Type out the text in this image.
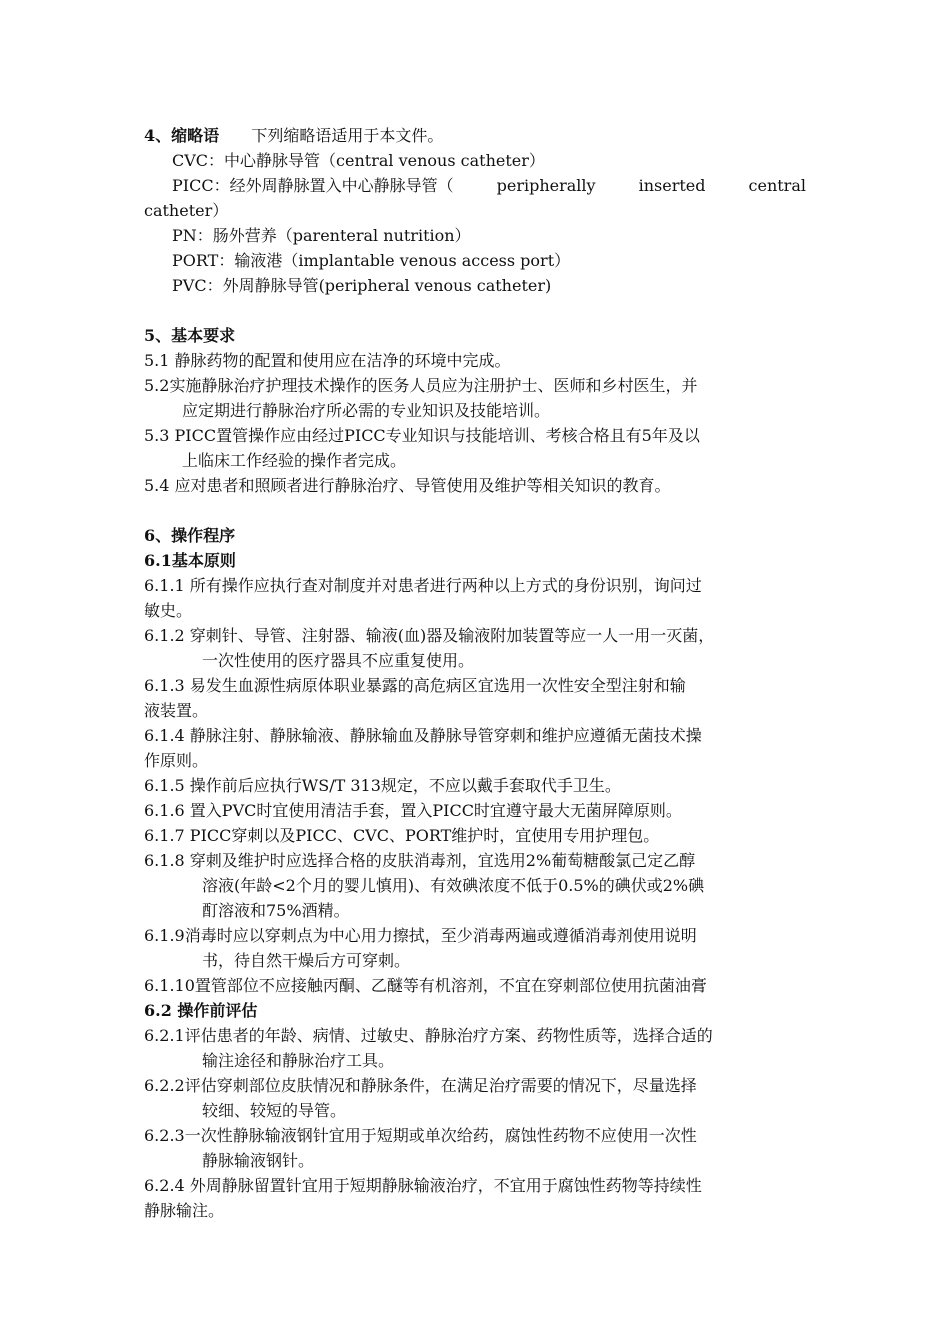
4、缩略语 下列缩略语适用于本文件。
CVC：中心静脉导管（central venous catheter）
PICC：经外周静脉置入中心静脉导管（	peripherally	inserted	central
catheter）
PN：肠外营养（parenteral nutrition）
PORT：输液港（implantable venous access port）
PVC：外周静脉导管(peripheral venous catheter)
5、基本要求
5.1 静脉药物的配置和使用应在洁净的环境中完成。
5.2实施静脉治疗护理技术操作的医务人员应为注册护士、医师和乡村医生，并
应定期进行静脉治疗所必需的专业知识及技能培训。
5.3 PICC置管操作应由经过PICC专业知识与技能培训、考核合格且有5年及以
上临床工作经验的操作者完成。
5.4 应对患者和照顾者进行静脉治疗、导管使用及维护等相关知识的教育。
6、操作程序
6.1基本原则
6.1.1 所有操作应执行查对制度并对患者进行两种以上方式的身份识别，询问过
敏史。
6.1.2 穿刺针、导管、注射器、输液(血)器及输液附加装置等应一人一用一灭菌，
一次性使用的医疗器具不应重复使用。
6.1.3 易发生血源性病原体职业暴露的高危病区宜选用一次性安全型注射和输
液装置。
6.1.4 静脉注射、静脉输液、静脉输血及静脉导管穿刺和维护应遵循无菌技术操
作原则。
6.1.5 操作前后应执行WS/T 313规定，不应以戴手套取代手卫生。
6.1.6 置入PVC时宜使用清洁手套，置入PICC时宜遵守最大无菌屏障原则。
6.1.7 PICC穿刺以及PICC、CVC、PORT维护时，宜使用专用护理包。
6.1.8 穿刺及维护时应选择合格的皮肤消毒剂，宜选用2%葡萄糖酸氯己定乙醇
溶液(年龄<2个月的婴儿慎用)、有效碘浓度不低于0.5%的碘伏或2%碘
酊溶液和75%酒精。
6.1.9消毒时应以穿刺点为中心用力擦拭，至少消毒两遍或遵循消毒剂使用说明
书，待自然干燥后方可穿刺。
6.1.10置管部位不应接触丙酮、乙醚等有机溶剂，不宜在穿刺部位使用抗菌油膏
6.2 操作前评估
6.2.1评估患者的年龄、病情、过敏史、静脉治疗方案、药物性质等，选择合适的
输注途径和静脉治疗工具。
6.2.2评估穿刺部位皮肤情况和静脉条件，在满足治疗需要的情况下，尽量选择
较细、较短的导管。
6.2.3一次性静脉输液钢针宜用于短期或单次给药，腐蚀性药物不应使用一次性
静脉输液钢针。
6.2.4 外周静脉留置针宜用于短期静脉输液治疗，不宜用于腐蚀性药物等持续性
静脉输注。
